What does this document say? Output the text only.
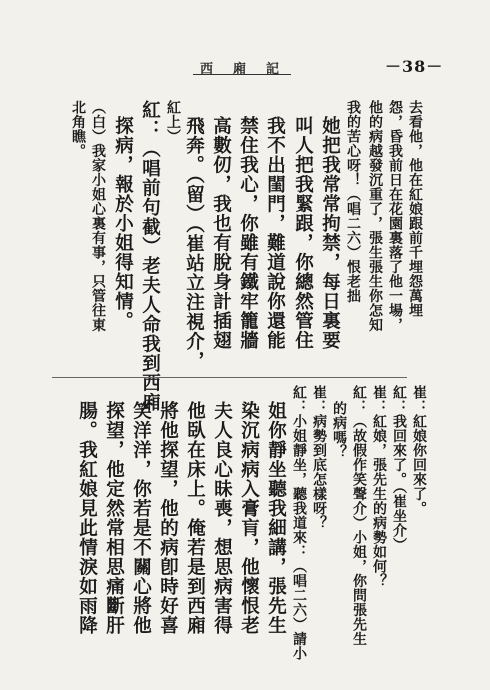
西廂記	－38－
去看他，他在紅娘跟前千埋怨萬埋
怨，昏我前日在花園裏落了他一場，
他的病越發沉重了，張生張生你怎知
我的苦心呀！（唱二六）恨老拙
她把我常常拘禁，每日裏要
叫人把我緊跟，你總然管住
我不出閨門，難道說你還能
禁住我心，你雖有鐵牢籠牆
高數仞，我也有脫身計插翅
飛奔。（留）（崔站立注視介，
紅上）
紅：（唱前句截）老夫人命我到西廂
探病，報於小姐得知情。
（白）我家小姐心裏有事，只管往東
北角瞧。
崔：紅娘你回來了。
紅：我回來了。（崔坐介）
崔：紅娘，張先生的病勢如何？
紅：（故假作笑聲介）小姐，你問張先生
的病嗎？
崔：病勢到底怎樣呀？
紅：小姐靜坐，聽我道來：（唱二六）請小
姐你靜坐聽我細講，張先生
染沉病病入膏肓，他懷恨老
夫人良心昧喪，想思病害得
他臥在床上。俺若是到西廂
將他探望，他的病卽時好喜
笑洋洋，你若是不關心將他
探望，他定然常相思痛斷肝
腸。我紅娘見此情淚如雨降
